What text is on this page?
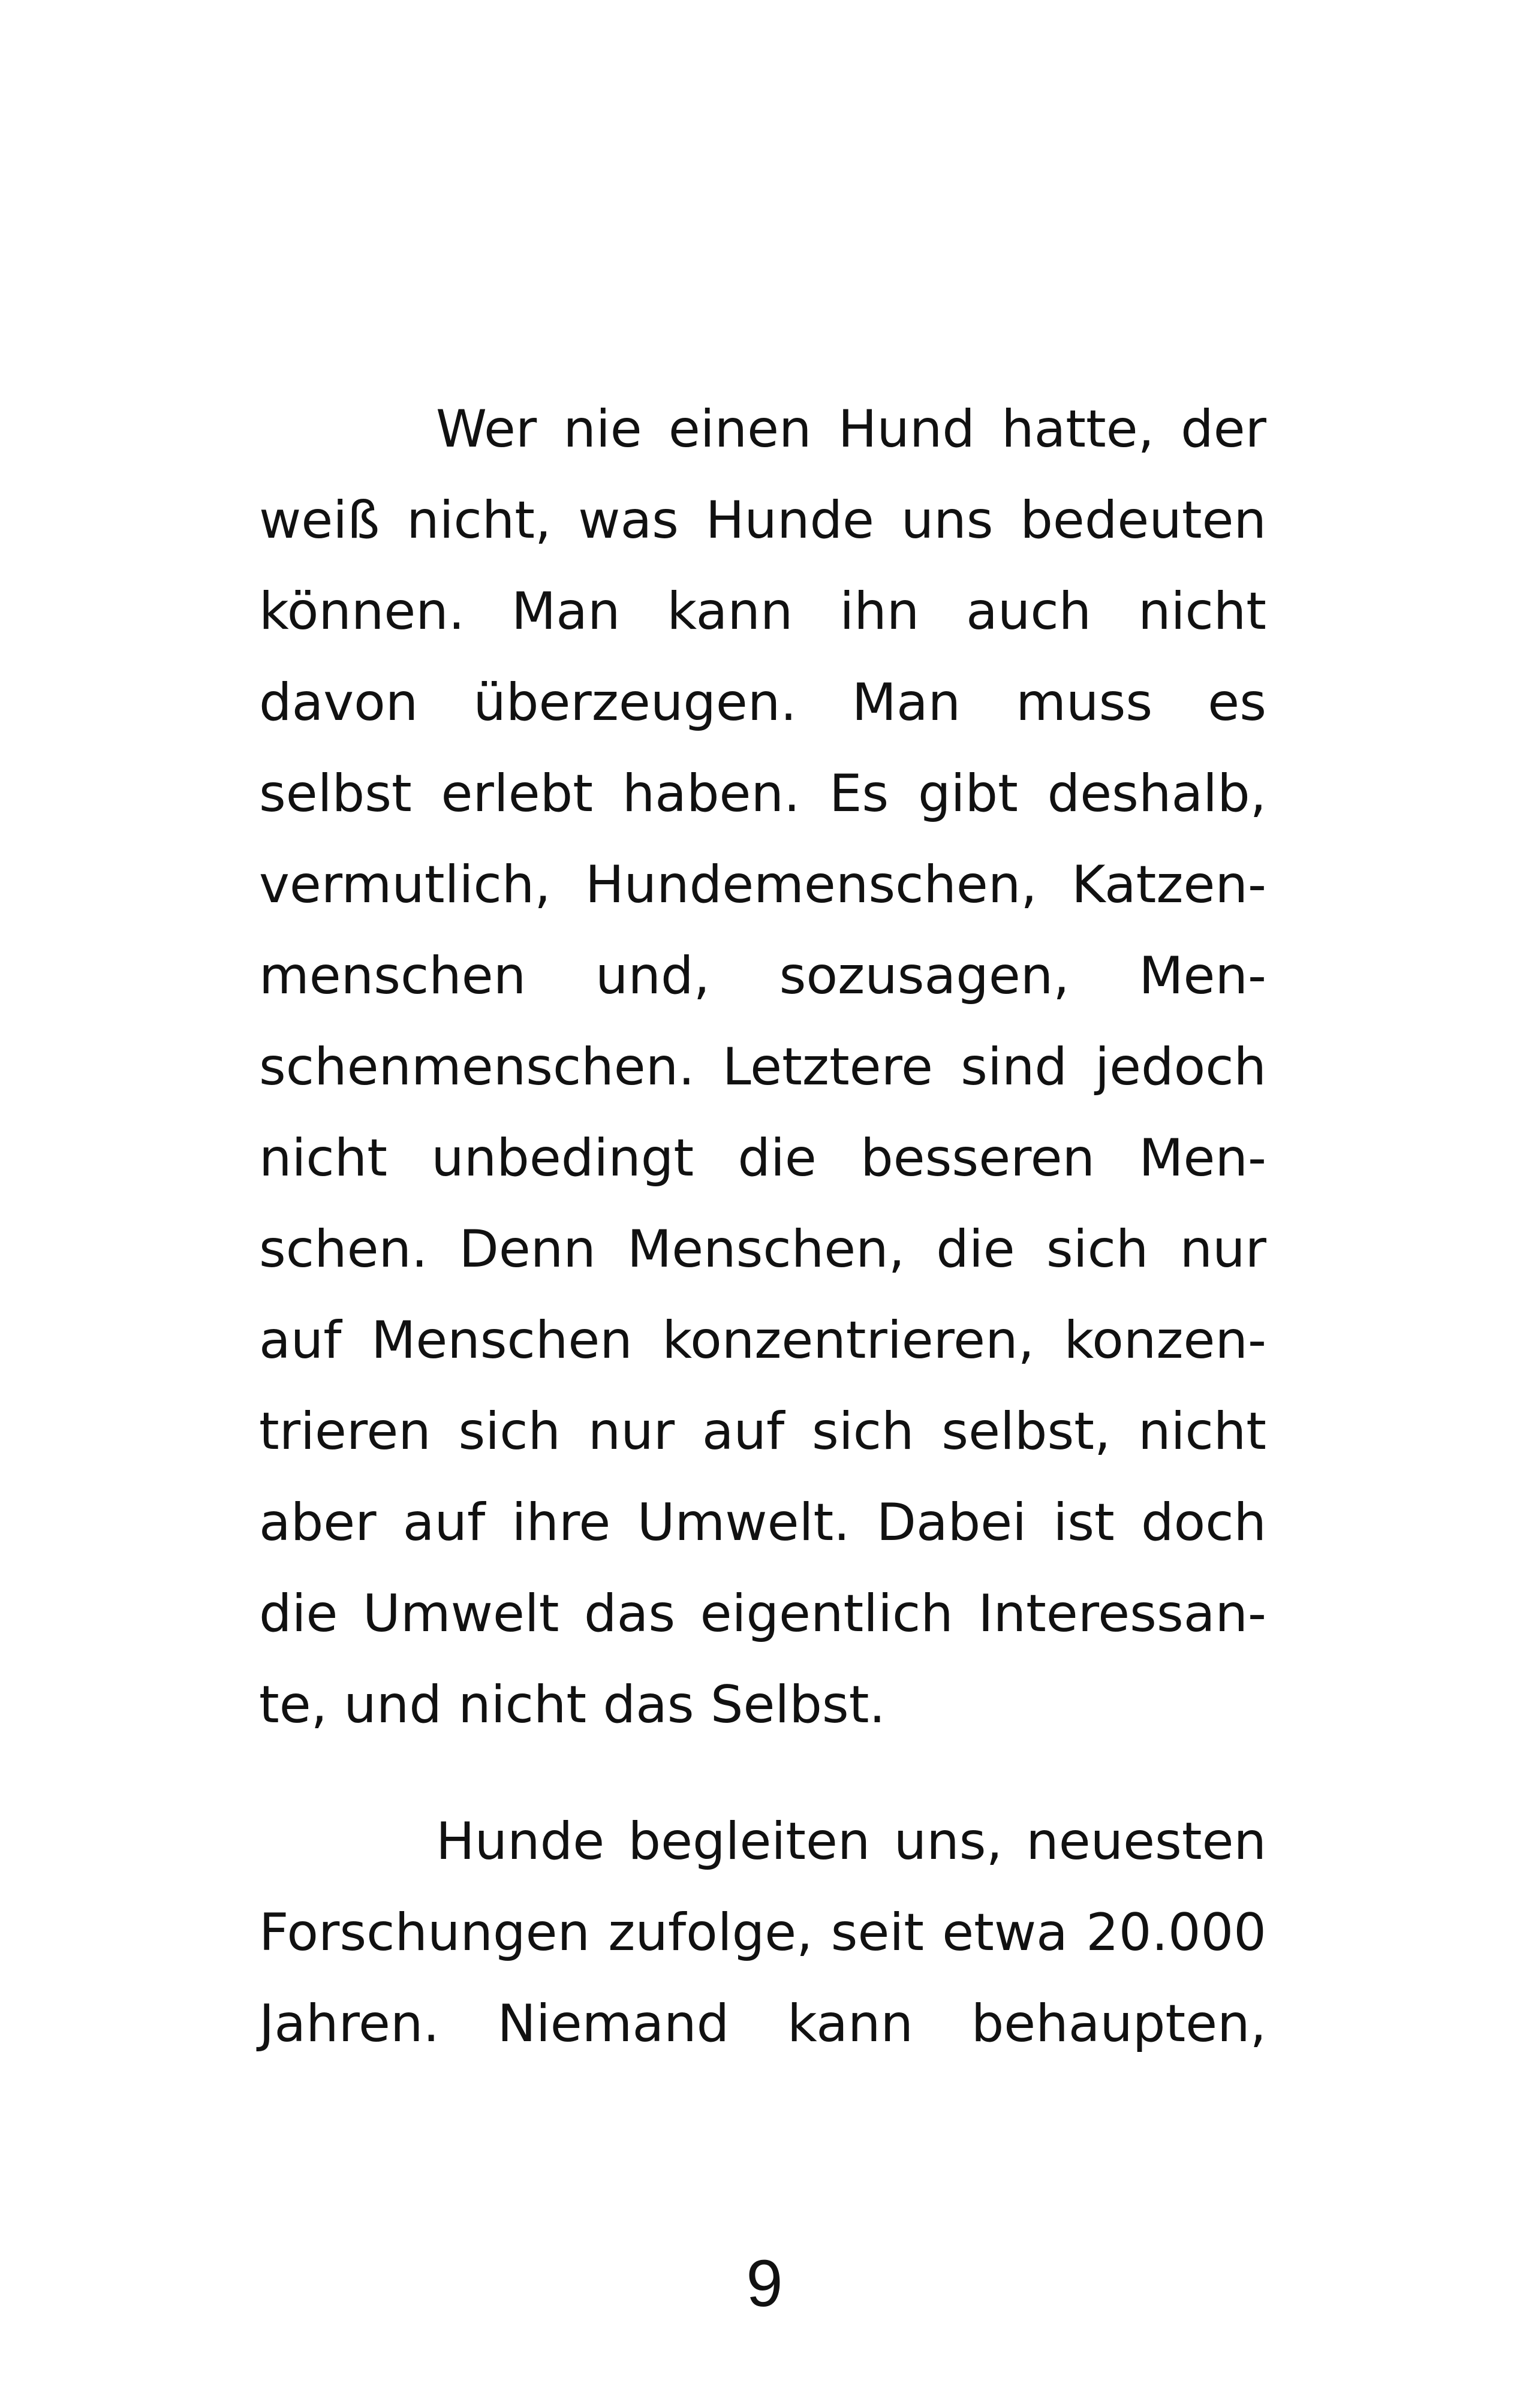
Wer nie einen Hund hatte, der
weiß nicht, was Hunde uns bedeuten
können. Man kann ihn auch nicht
davon überzeugen. Man muss es
selbst erlebt haben. Es gibt deshalb,
vermutlich, Hundemenschen, Katzen-
menschen und, sozusagen, Men-
schenmenschen. Letztere sind jedoch
nicht unbedingt die besseren Men-
schen. Denn Menschen, die sich nur
auf Menschen konzentrieren, konzen-
trieren sich nur auf sich selbst, nicht
aber auf ihre Umwelt. Dabei ist doch
die Umwelt das eigentlich Interessan-
te, und nicht das Selbst.
Hunde begleiten uns, neuesten
Forschungen zufolge, seit etwa 20.000
Jahren. Niemand kann behaupten,
9
